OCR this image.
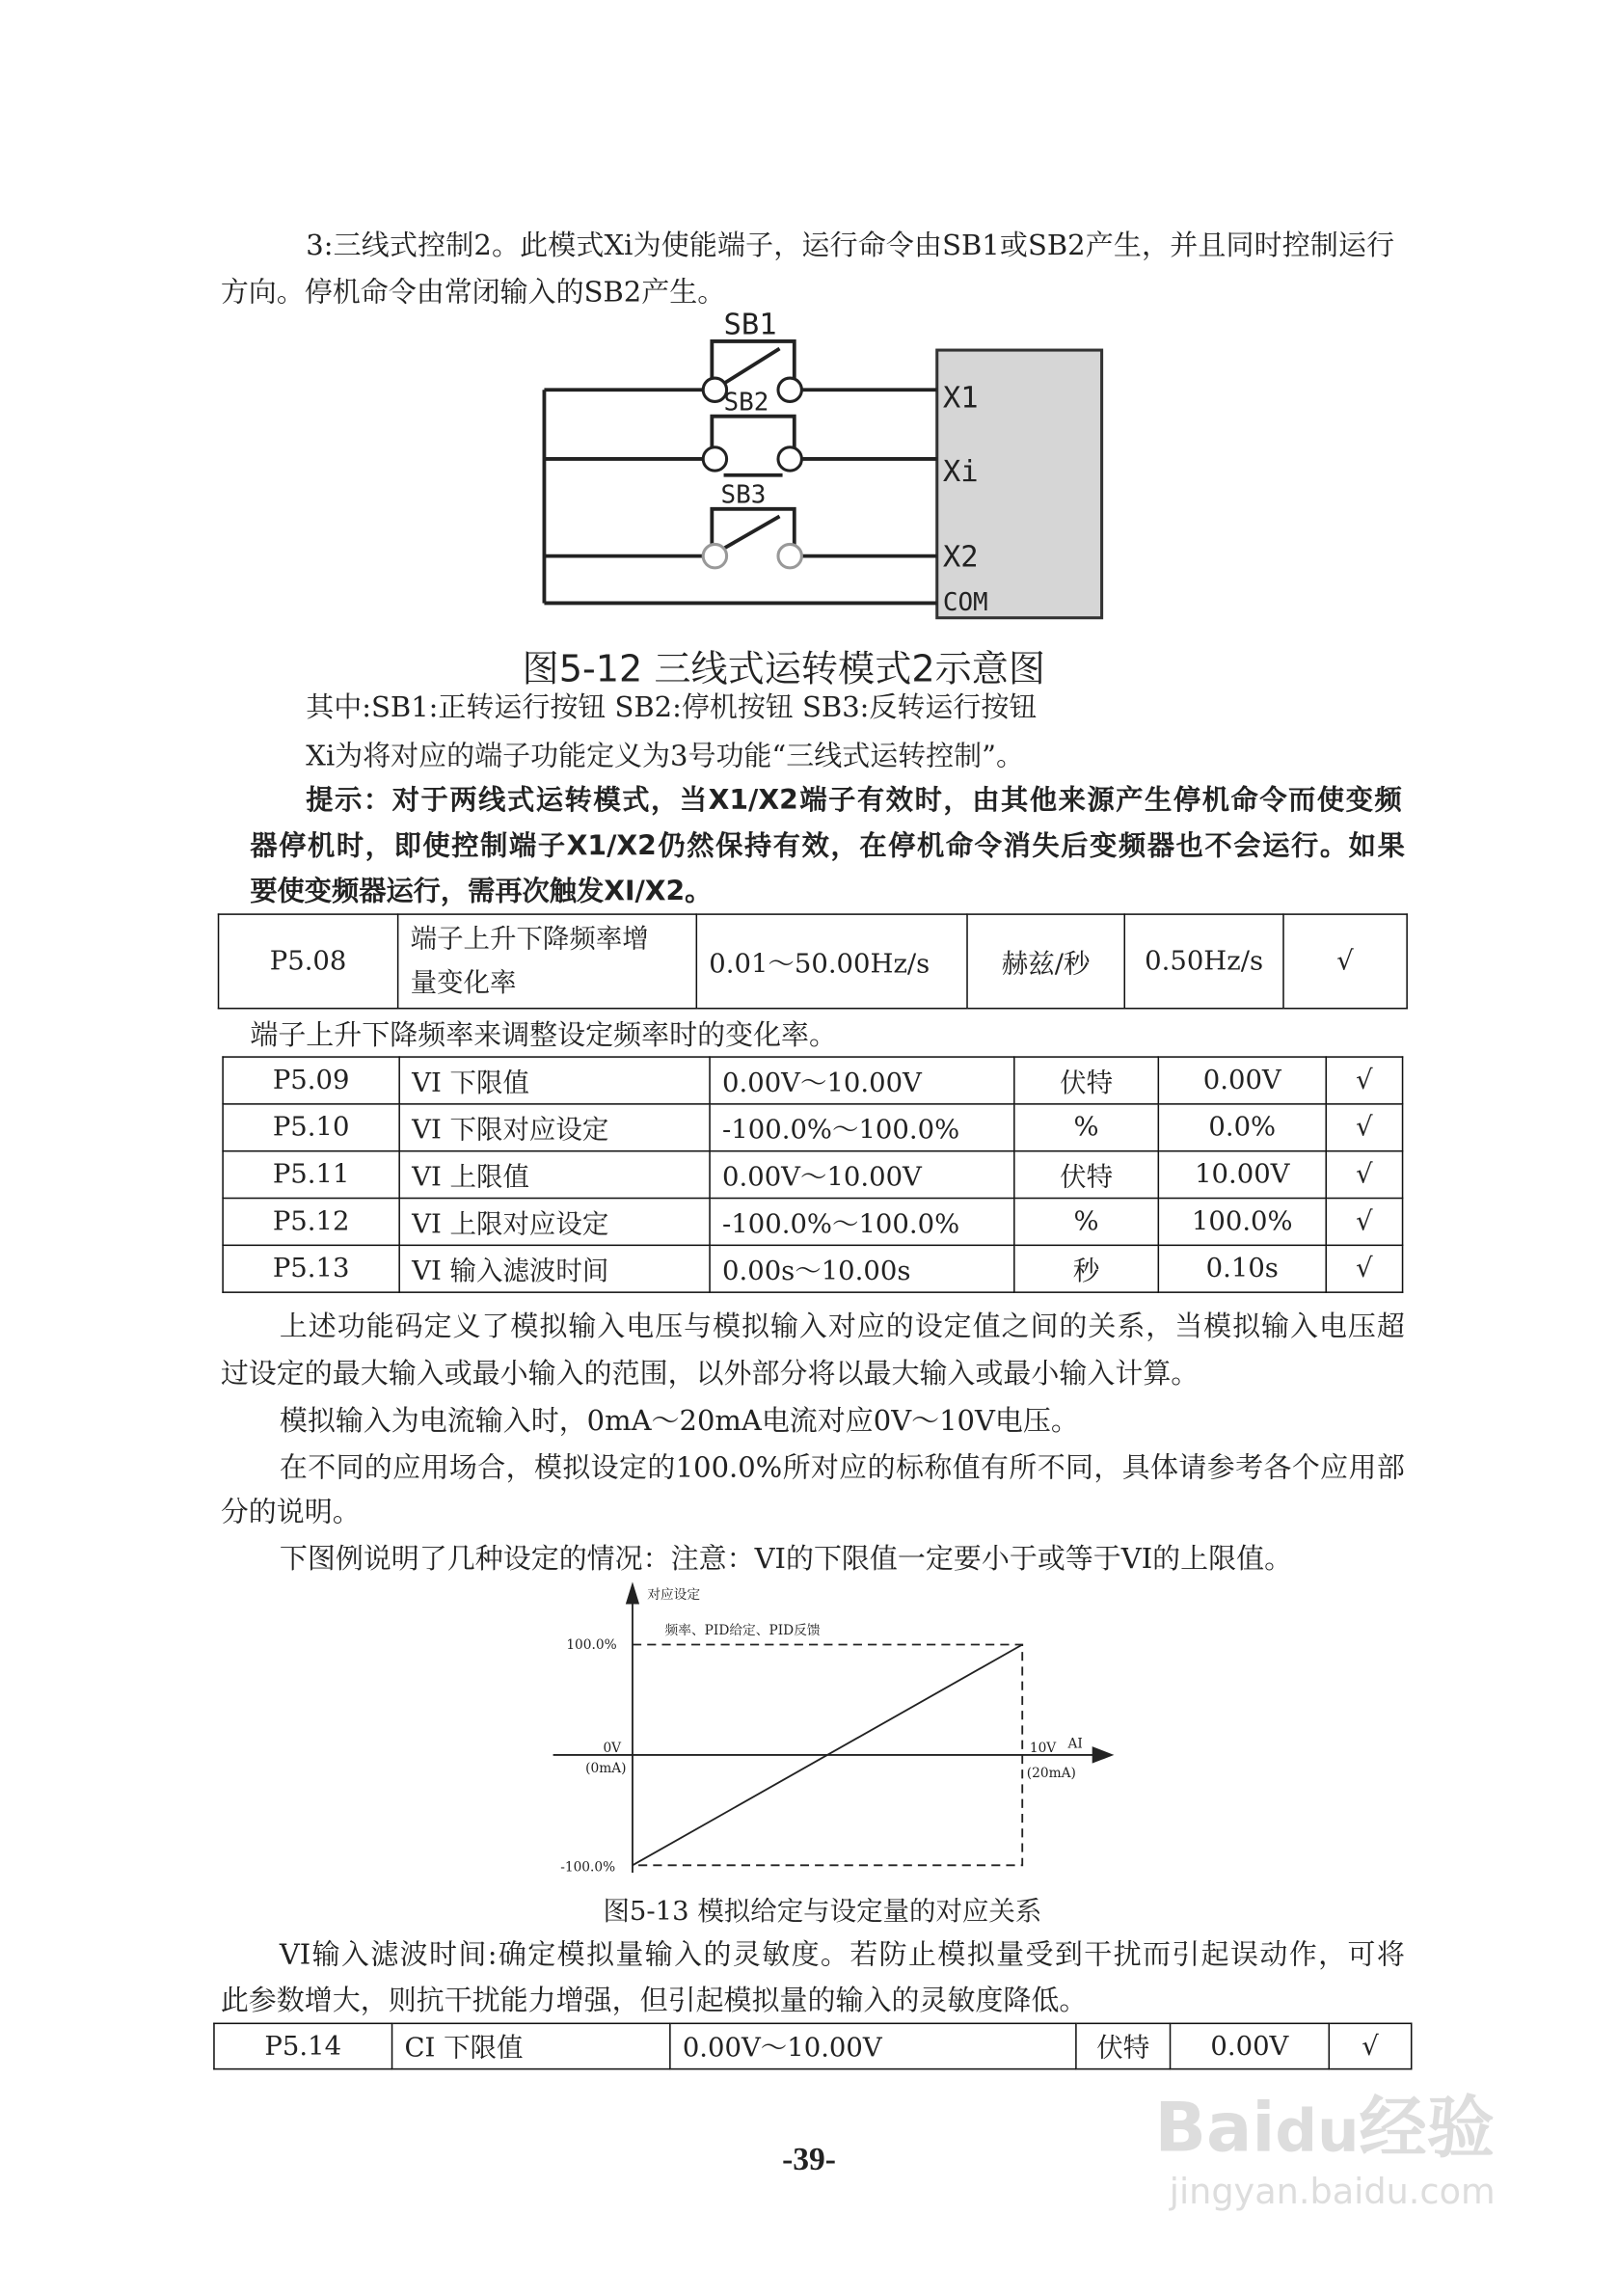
3:三线式控制2。此模式Xi为使能端子，运行命令由SB1或SB2产生，并且同时控制运行
方向。停机命令由常闭输入的SB2产生。
SB1
SB2
SB3
X1
Xi
X2
COM
图5-12 三线式运转模式2示意图
其中:SB1:正转运行按钮 SB2:停机按钮 SB3:反转运行按钮
Xi为将对应的端子功能定义为3号功能“三线式运转控制”。
提示：对于两线式运转模式，当X1/X2端子有效时，由其他来源产生停机命令而使变频
器停机时，即使控制端子X1/X2仍然保持有效，在停机命令消失后变频器也不会运行。如果
要使变频器运行，需再次触发XI/X2。
P5.08	端子上升下降频率增
量变化率	0.01～50.00Hz/s	赫兹/秒	0.50Hz/s	√
端子上升下降频率来调整设定频率时的变化率。
P5.09	VI 下限值	0.00V～10.00V	伏特	0.00V	√
P5.10	VI 下限对应设定	-100.0%～100.0%	%	0.0%	√
P5.11	VI 上限值	0.00V～10.00V	伏特	10.00V	√
P5.12	VI 上限对应设定	-100.0%～100.0%	%	100.0%	√
P5.13	VI 输入滤波时间	0.00s～10.00s	秒	0.10s	√
上述功能码定义了模拟输入电压与模拟输入对应的设定值之间的关系，当模拟输入电压超
过设定的最大输入或最小输入的范围，以外部分将以最大输入或最小输入计算。
模拟输入为电流输入时，0mA～20mA电流对应0V～10V电压。
在不同的应用场合，模拟设定的100.0%所对应的标称值有所不同，具体请参考各个应用部
分的说明。
下图例说明了几种设定的情况：注意：VI的下限值一定要小于或等于VI的上限值。
对应设定
频率、PID给定、PID反馈
100.0%
-100.0%
0V
(0mA)
10V AI
(20mA)
图5-13 模拟给定与设定量的对应关系
VI输入滤波时间:确定模拟量输入的灵敏度。若防止模拟量受到干扰而引起误动作，可将
此参数增大，则抗干扰能力增强，但引起模拟量的输入的灵敏度降低。
P5.14	CI 下限值	0.00V～10.00V	伏特	0.00V	√
-39-	Baidu经验
jingyan.baidu.com
